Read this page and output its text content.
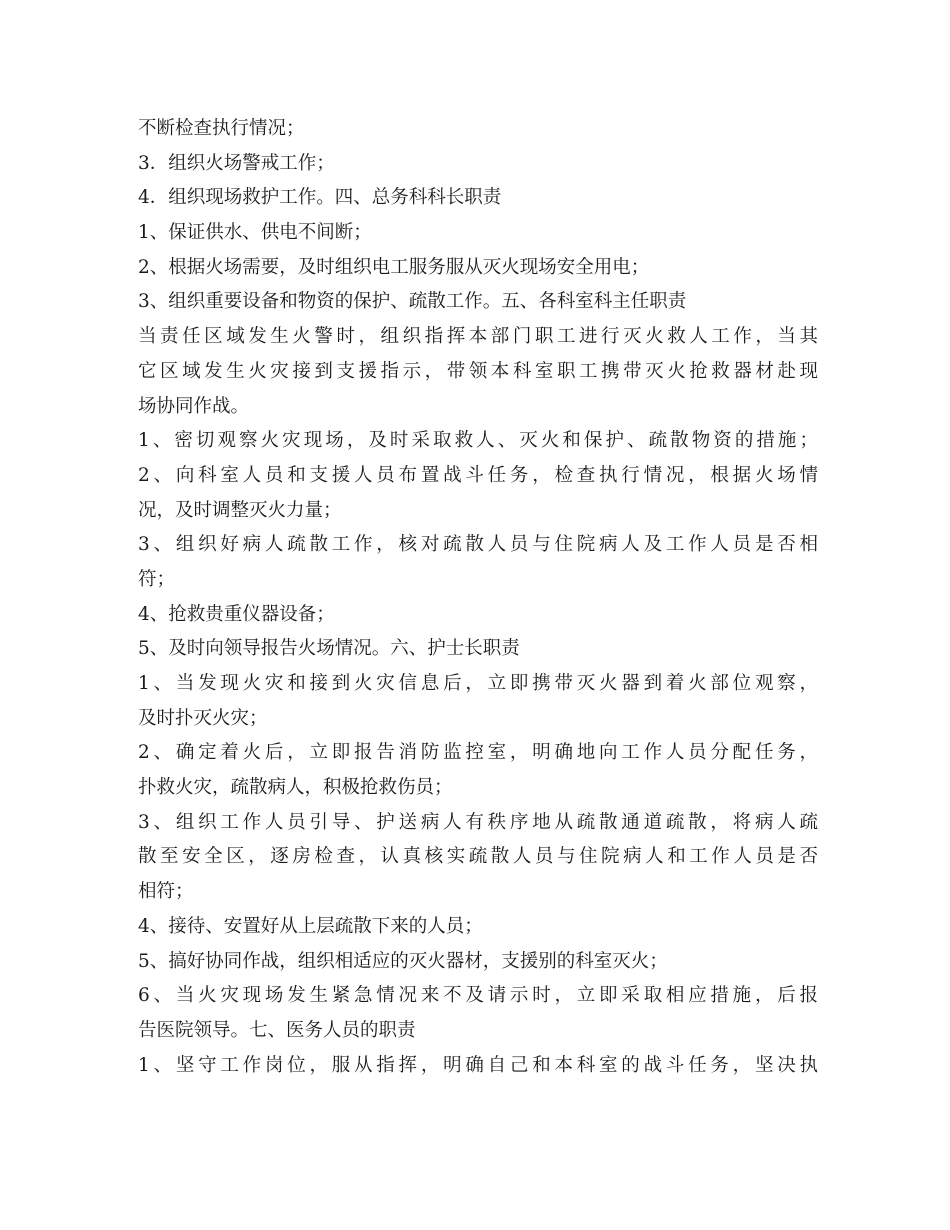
不断检查执行情况；
3．组织火场警戒工作；
4．组织现场救护工作。四、总务科科长职责
1、保证供水、供电不间断；
2、根据火场需要，及时组织电工服务服从灭火现场安全用电；
3、组织重要设备和物资的保护、疏散工作。五、各科室科主任职责
当责任区域发生火警时，组织指挥本部门职工进行灭火救人工作，当其
它区域发生火灾接到支援指示，带领本科室职工携带灭火抢救器材赴现
场协同作战。
1、密切观察火灾现场，及时采取救人、灭火和保护、疏散物资的措施；
2、向科室人员和支援人员布置战斗任务，检查执行情况，根据火场情
况，及时调整灭火力量；
3、组织好病人疏散工作，核对疏散人员与住院病人及工作人员是否相
符；
4、抢救贵重仪器设备；
5、及时向领导报告火场情况。六、护士长职责
1、当发现火灾和接到火灾信息后，立即携带灭火器到着火部位观察，
及时扑灭火灾；
2、确定着火后，立即报告消防监控室，明确地向工作人员分配任务，
扑救火灾，疏散病人，积极抢救伤员；
3、组织工作人员引导、护送病人有秩序地从疏散通道疏散，将病人疏
散至安全区，逐房检查，认真核实疏散人员与住院病人和工作人员是否
相符；
4、接待、安置好从上层疏散下来的人员；
5、搞好协同作战，组织相适应的灭火器材，支援别的科室灭火；
6、当火灾现场发生紧急情况来不及请示时，立即采取相应措施，后报
告医院领导。七、医务人员的职责
1、坚守工作岗位，服从指挥，明确自己和本科室的战斗任务，坚决执
